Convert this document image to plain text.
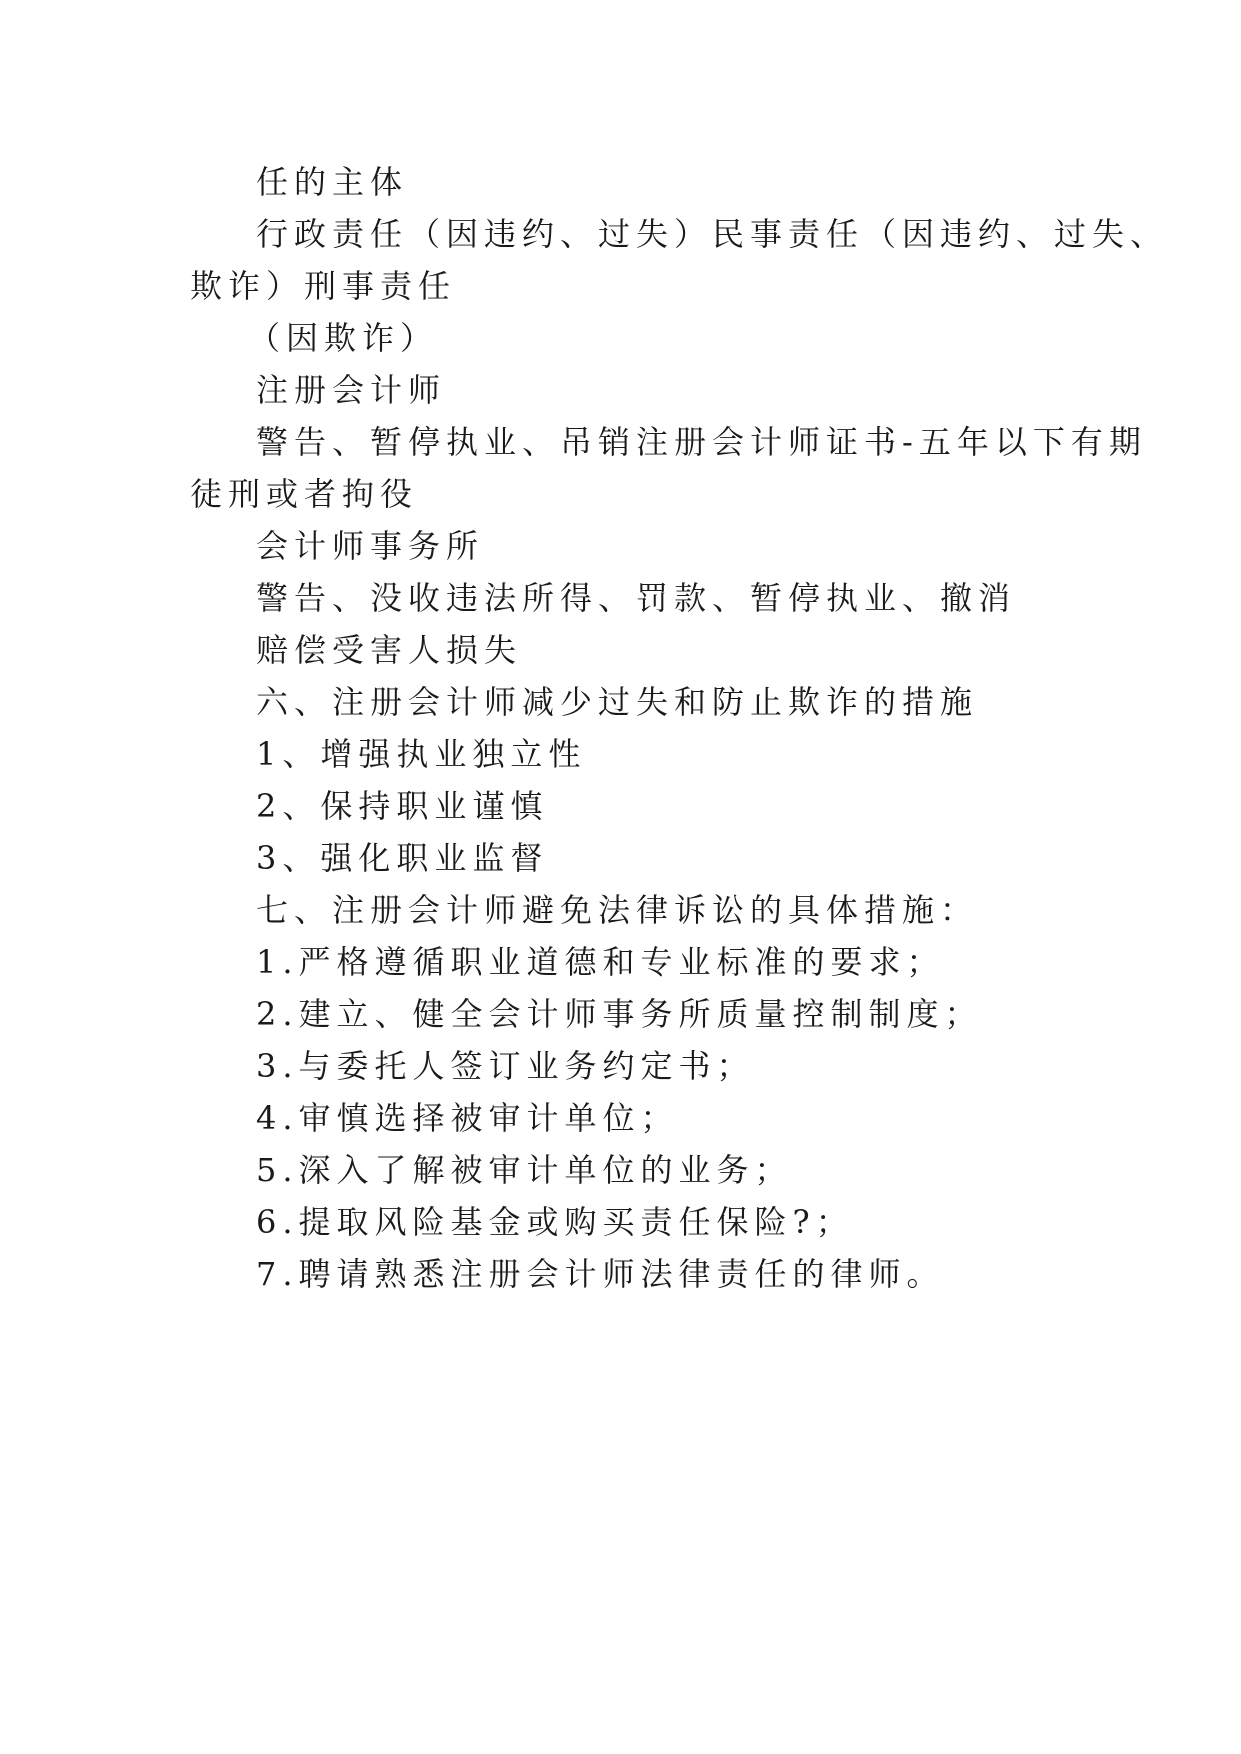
任的主体
行政责任（因违约、过失）民事责任（因违约、过失、
欺诈）刑事责任
（因欺诈）
注册会计师
警告、暂停执业、吊销注册会计师证书-五年以下有期
徒刑或者拘役
会计师事务所
警告、没收违法所得、罚款、暂停执业、撤消
赔偿受害人损失
六、注册会计师减少过失和防止欺诈的措施
1、增强执业独立性
2、保持职业谨慎
3、强化职业监督
七、注册会计师避免法律诉讼的具体措施：
1.严格遵循职业道德和专业标准的要求；
2.建立、健全会计师事务所质量控制制度；
3.与委托人签订业务约定书；
4.审慎选择被审计单位；
5.深入了解被审计单位的业务；
6.提取风险基金或购买责任保险?；
7.聘请熟悉注册会计师法律责任的律师。
